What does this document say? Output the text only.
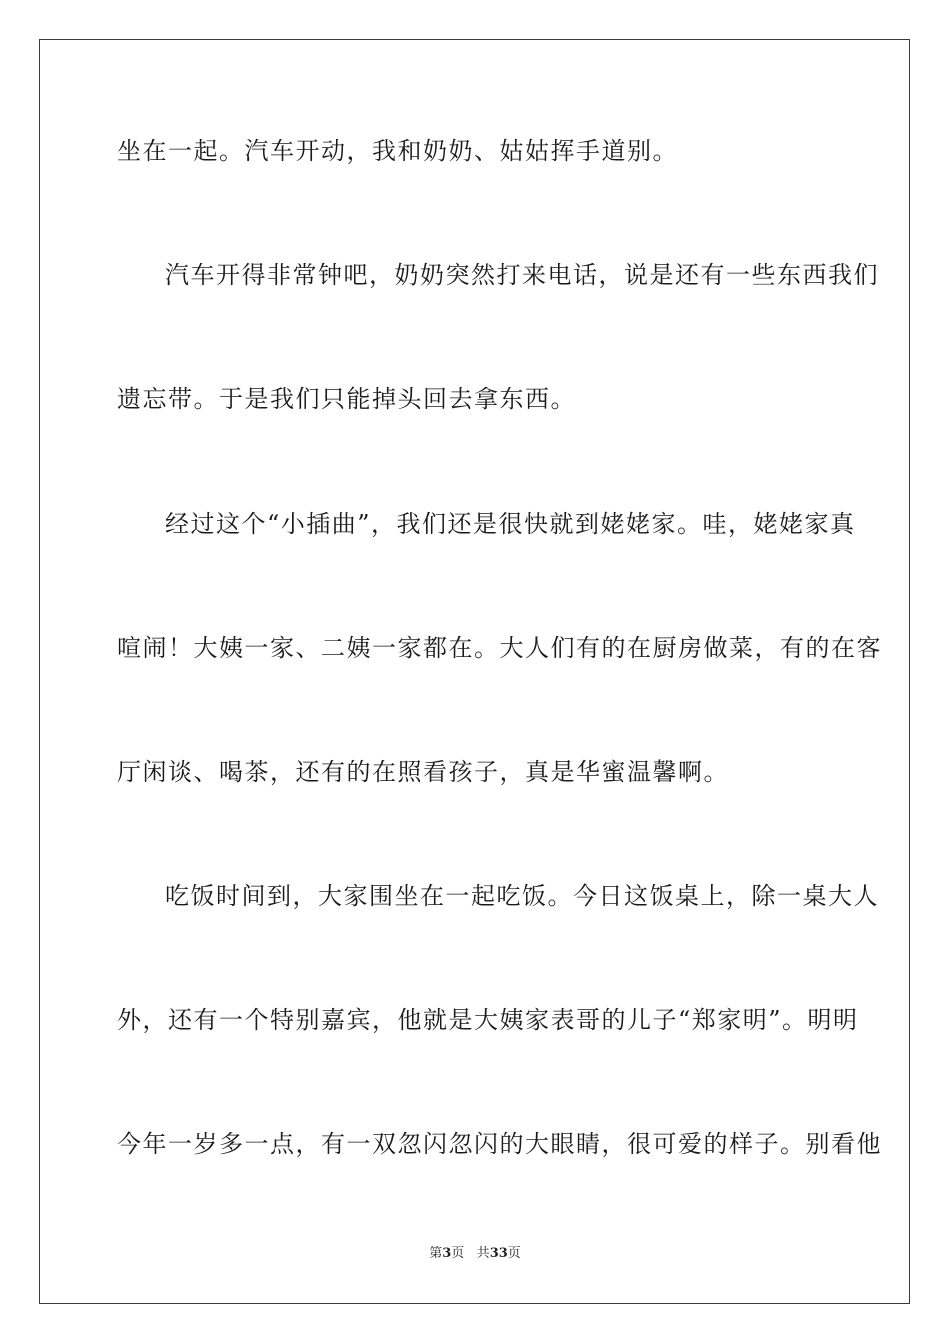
坐在一起。汽车开动，我和奶奶、姑姑挥手道别。
汽车开得非常钟吧，奶奶突然打来电话，说是还有一些东西我们
遗忘带。于是我们只能掉头回去拿东西。
经过这个“小插曲”，我们还是很快就到姥姥家。哇，姥姥家真
喧闹！大姨一家、二姨一家都在。大人们有的在厨房做菜，有的在客
厅闲谈、喝茶，还有的在照看孩子，真是华蜜温馨啊。
吃饭时间到，大家围坐在一起吃饭。今日这饭桌上，除一桌大人
外，还有一个特别嘉宾，他就是大姨家表哥的儿子“郑家明”。明明
今年一岁多一点，有一双忽闪忽闪的大眼睛，很可爱的样子。别看他
第3页 共33页
